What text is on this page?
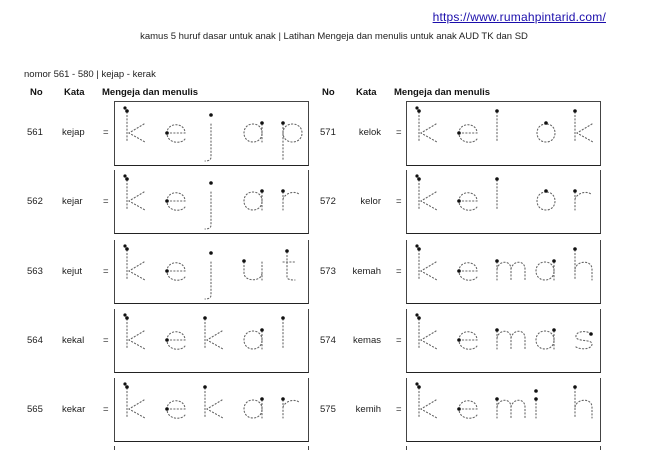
https://www.rumahpintarid.com/
kamus 5 huruf dasar untuk anak | Latihan Mengeja dan menulis untuk anak AUD TK dan SD
nomor 561 - 580 | kejap - kerak
No Kata Mengeja dan menulis	No Kata Mengeja dan menulis
561 kejap =
562 kejar =
563 kejut =
564 kekal =
565 kekar =
571	kelok =
572	kelor =
573	kemah =
574	kemas =
575	kemih =
